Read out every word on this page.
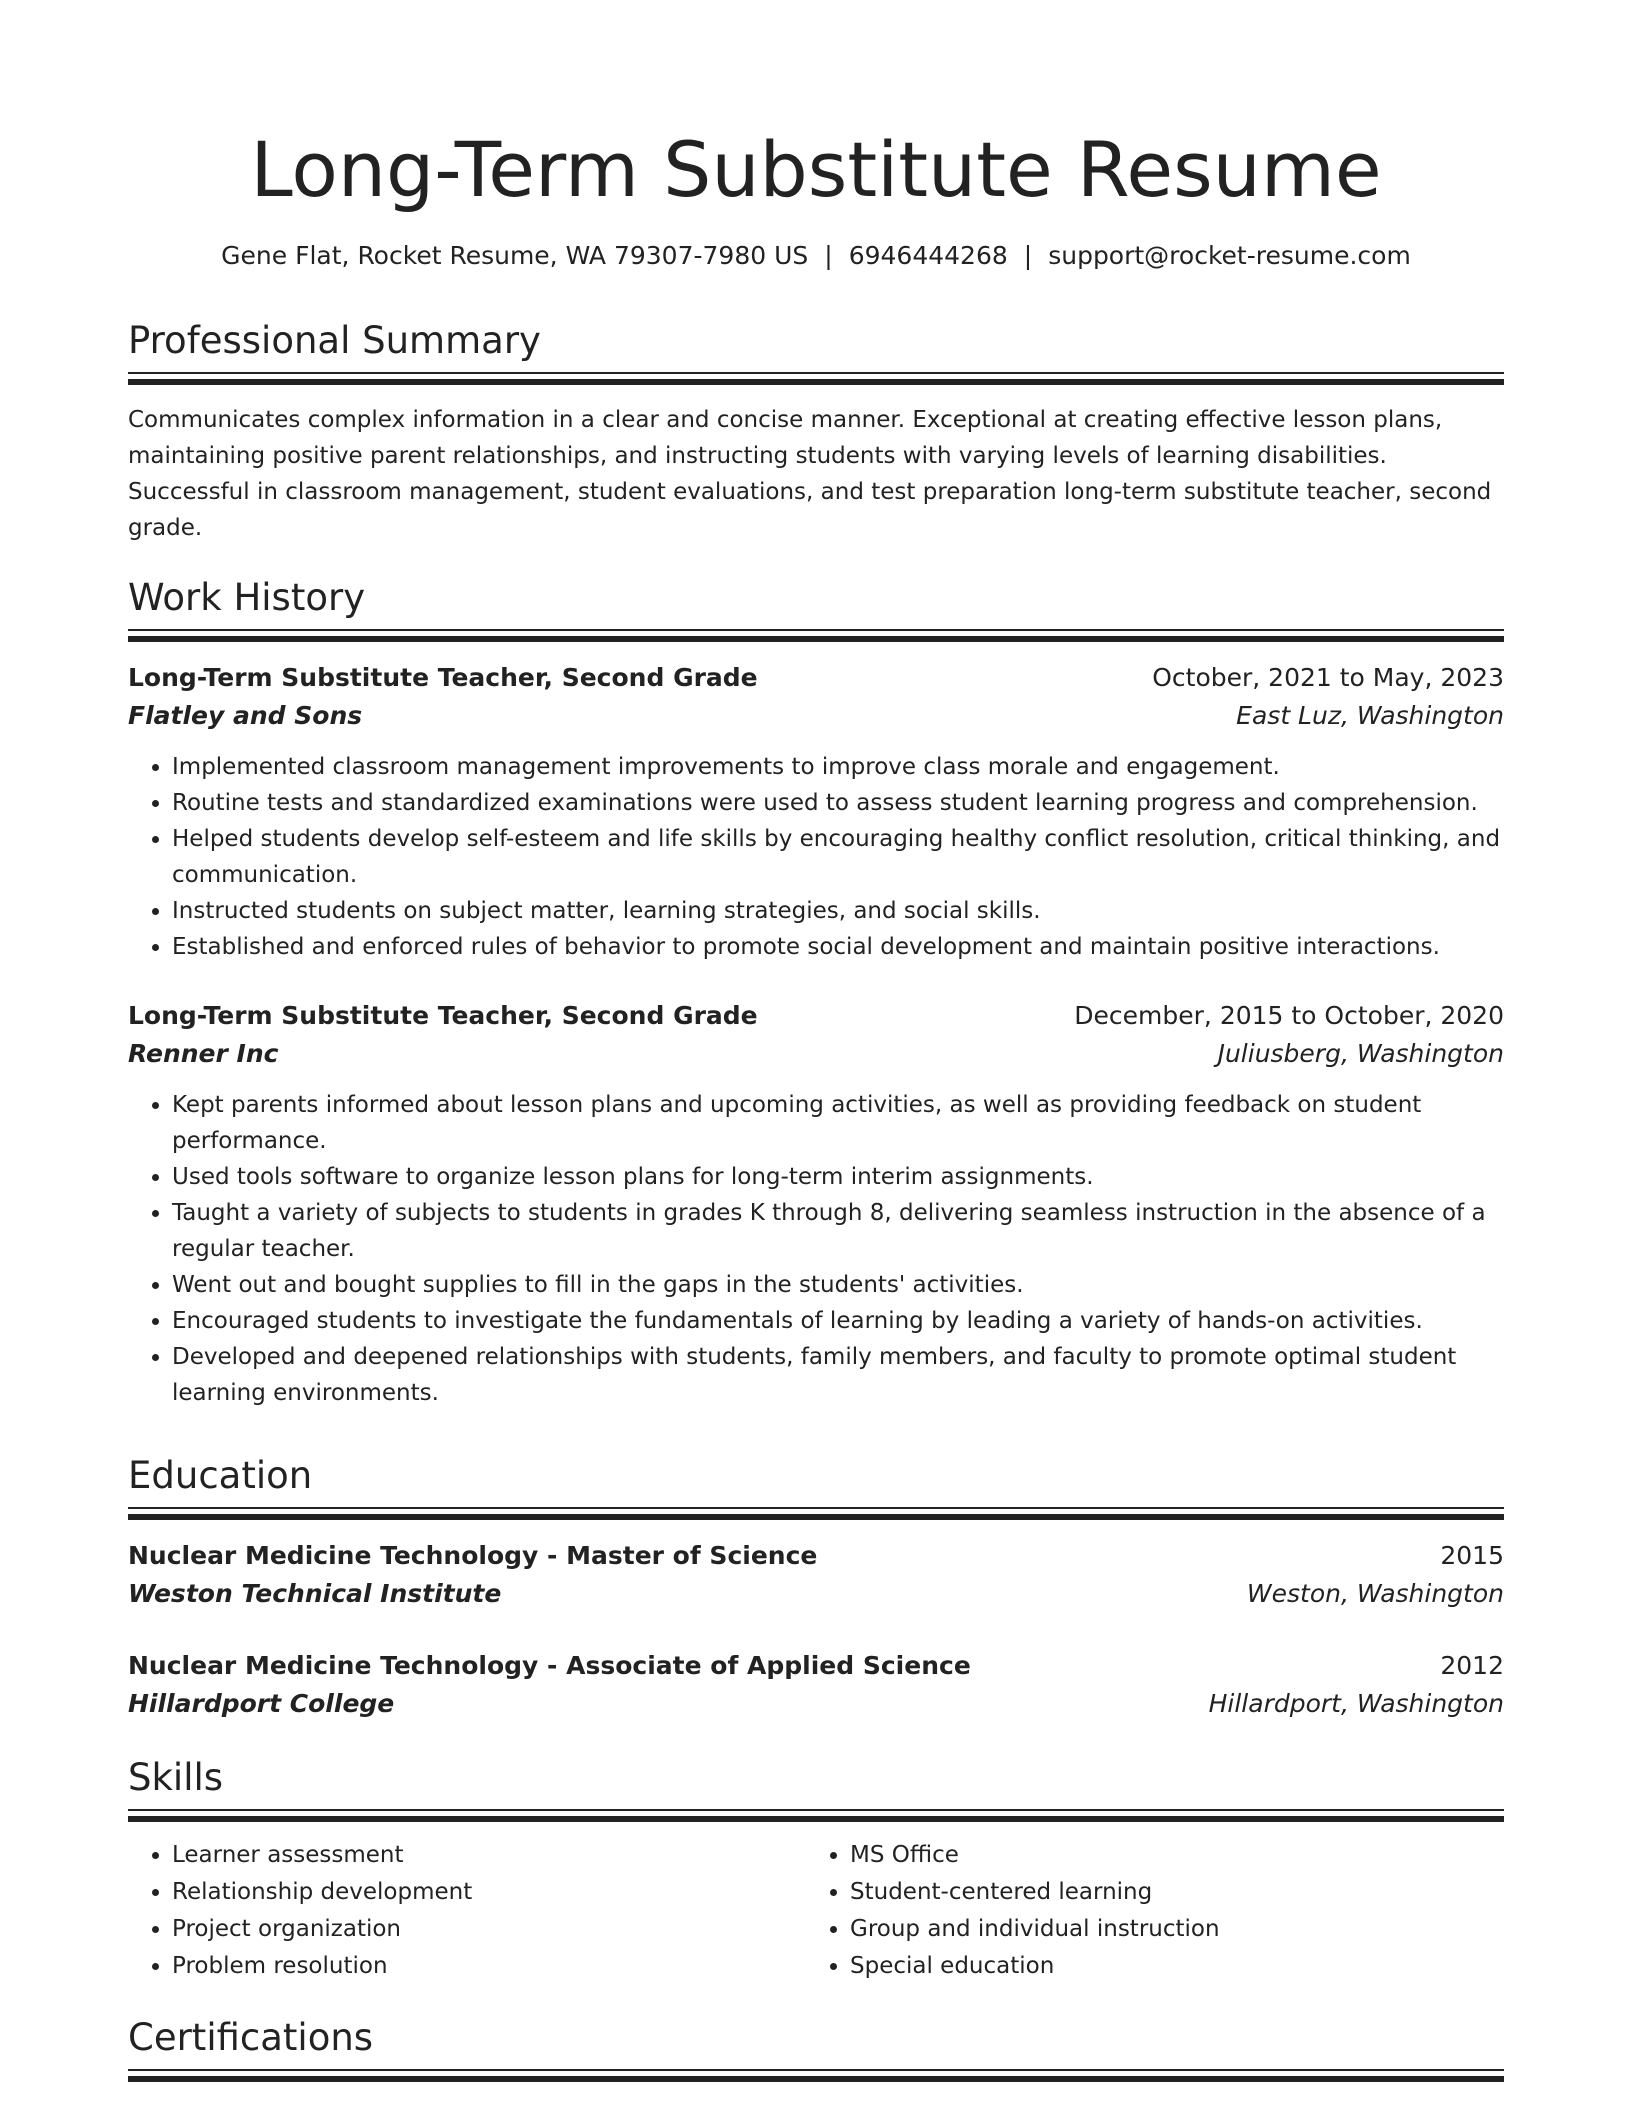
Long-Term Substitute Resume
Gene Flat, Rocket Resume, WA 79307-7980 US | 6946444268 | support@rocket-resume.com
Professional Summary
Communicates complex information in a clear and concise manner. Exceptional at creating effective lesson plans, maintaining positive parent relationships, and instructing students with varying levels of learning disabilities. Successful in classroom management, student evaluations, and test preparation long-term substitute teacher, second grade.
Work History
Long-Term Substitute Teacher, Second Grade	October, 2021 to May, 2023
Flatley and Sons	East Luz, Washington
• Implemented classroom management improvements to improve class morale and engagement.
• Routine tests and standardized examinations were used to assess student learning progress and comprehension.
• Helped students develop self-esteem and life skills by encouraging healthy conflict resolution, critical thinking, and communication.
• Instructed students on subject matter, learning strategies, and social skills.
• Established and enforced rules of behavior to promote social development and maintain positive interactions.
Long-Term Substitute Teacher, Second Grade	December, 2015 to October, 2020
Renner Inc	Juliusberg, Washington
• Kept parents informed about lesson plans and upcoming activities, as well as providing feedback on student performance.
• Used tools software to organize lesson plans for long-term interim assignments.
• Taught a variety of subjects to students in grades K through 8, delivering seamless instruction in the absence of a regular teacher.
• Went out and bought supplies to fill in the gaps in the students' activities.
• Encouraged students to investigate the fundamentals of learning by leading a variety of hands-on activities.
• Developed and deepened relationships with students, family members, and faculty to promote optimal student learning environments.
Education
Nuclear Medicine Technology - Master of Science	2015
Weston Technical Institute	Weston, Washington
Nuclear Medicine Technology - Associate of Applied Science	2012
Hillardport College	Hillardport, Washington
Skills
• Learner assessment
• Relationship development
• Project organization
• Problem resolution
• MS Office
• Student-centered learning
• Group and individual instruction
• Special education
Certifications
